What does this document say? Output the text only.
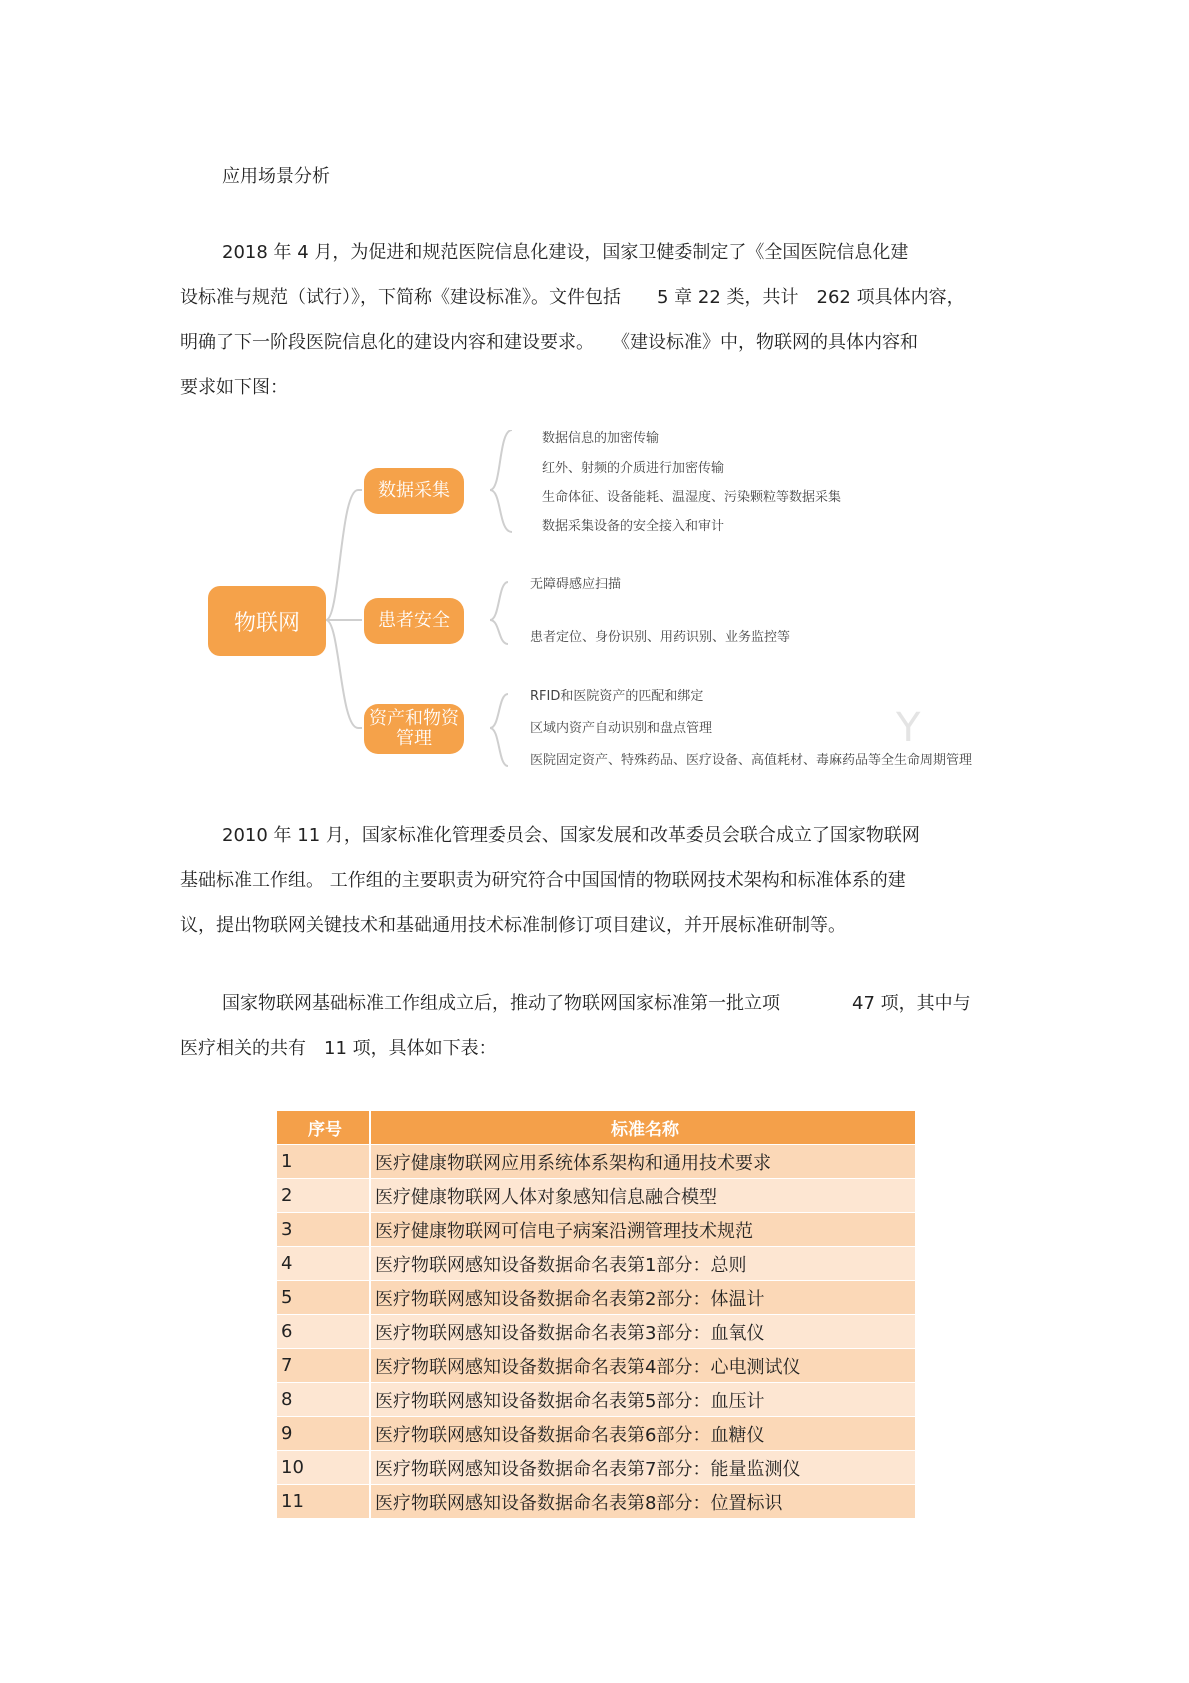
应用场景分析
2018 年 4 月，为促进和规范医院信息化建设，国家卫健委制定了《全国医院信息化建
设标准与规范（试行）》，下简称《建设标准》。文件包括　　5 章 22 类，共计　262 项具体内容，
明确了下一阶段医院信息化的建设内容和建设要求。　　《建设标准》中，物联网的具体内容和
要求如下图：
物联网
数据采集
患者安全
资产和物资管理
数据信息的加密传输
红外、射频的介质进行加密传输
生命体征、设备能耗、温湿度、污染颗粒等数据采集
数据采集设备的安全接入和审计
无障碍感应扫描
患者定位、身份识别、用药识别、业务监控等
RFID和医院资产的匹配和绑定
区域内资产自动识别和盘点管理
医院固定资产、特殊药品、医疗设备、高值耗材、毒麻药品等全生命周期管理
Y
2010 年 11 月，国家标准化管理委员会、国家发展和改革委员会联合成立了国家物联网
基础标准工作组。 工作组的主要职责为研究符合中国国情的物联网技术架构和标准体系的建
议，提出物联网关键技术和基础通用技术标准制修订项目建议，并开展标准研制等。
国家物联网基础标准工作组成立后，推动了物联网国家标准第一批立项　　　　47 项，其中与
医疗相关的共有　11 项，具体如下表：
序号	标准名称
1	医疗健康物联网应用系统体系架构和通用技术要求
2	医疗健康物联网人体对象感知信息融合模型
3	医疗健康物联网可信电子病案沿溯管理技术规范
4	医疗物联网感知设备数据命名表第1部分：总则
5	医疗物联网感知设备数据命名表第2部分：体温计
6	医疗物联网感知设备数据命名表第3部分：血氧仪
7	医疗物联网感知设备数据命名表第4部分：心电测试仪
8	医疗物联网感知设备数据命名表第5部分：血压计
9	医疗物联网感知设备数据命名表第6部分：血糖仪
10	医疗物联网感知设备数据命名表第7部分：能量监测仪
11	医疗物联网感知设备数据命名表第8部分：位置标识
